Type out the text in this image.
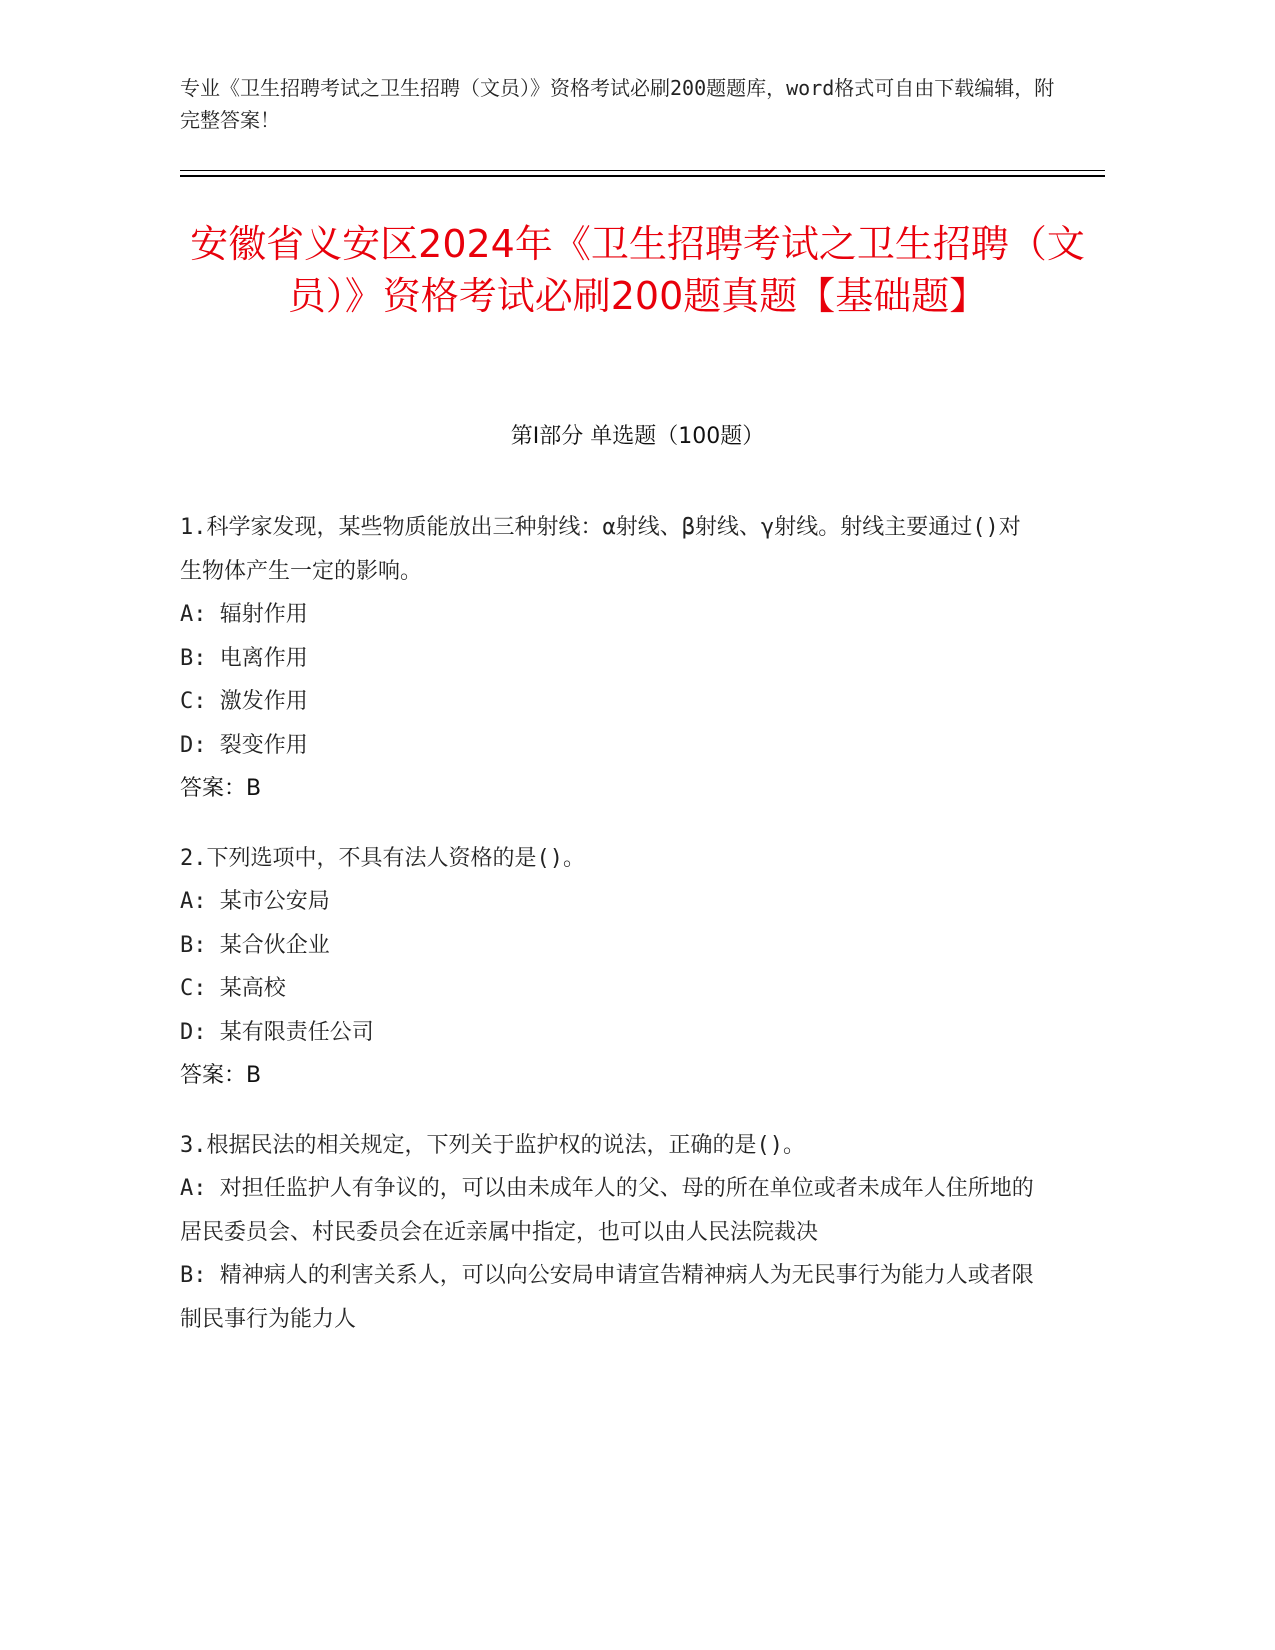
专业《卫生招聘考试之卫生招聘（文员）》资格考试必刷200题题库，word格式可自由下载编辑，附完整答案！
安徽省义安区2024年《卫生招聘考试之卫生招聘（文员）》资格考试必刷200题真题【基础题】
第Ⅰ部分 单选题（100题）
1.科学家发现，某些物质能放出三种射线：α射线、β射线、γ射线。射线主要通过()对生物体产生一定的影响。
A: 辐射作用
B: 电离作用
C: 激发作用
D: 裂变作用
答案：B
2.下列选项中，不具有法人资格的是()。
A: 某市公安局
B: 某合伙企业
C: 某高校
D: 某有限责任公司
答案：B
3.根据民法的相关规定，下列关于监护权的说法，正确的是()。
A: 对担任监护人有争议的，可以由未成年人的父、母的所在单位或者未成年人住所地的居民委员会、村民委员会在近亲属中指定，也可以由人民法院裁决
B: 精神病人的利害关系人，可以向公安局申请宣告精神病人为无民事行为能力人或者限制民事行为能力人
